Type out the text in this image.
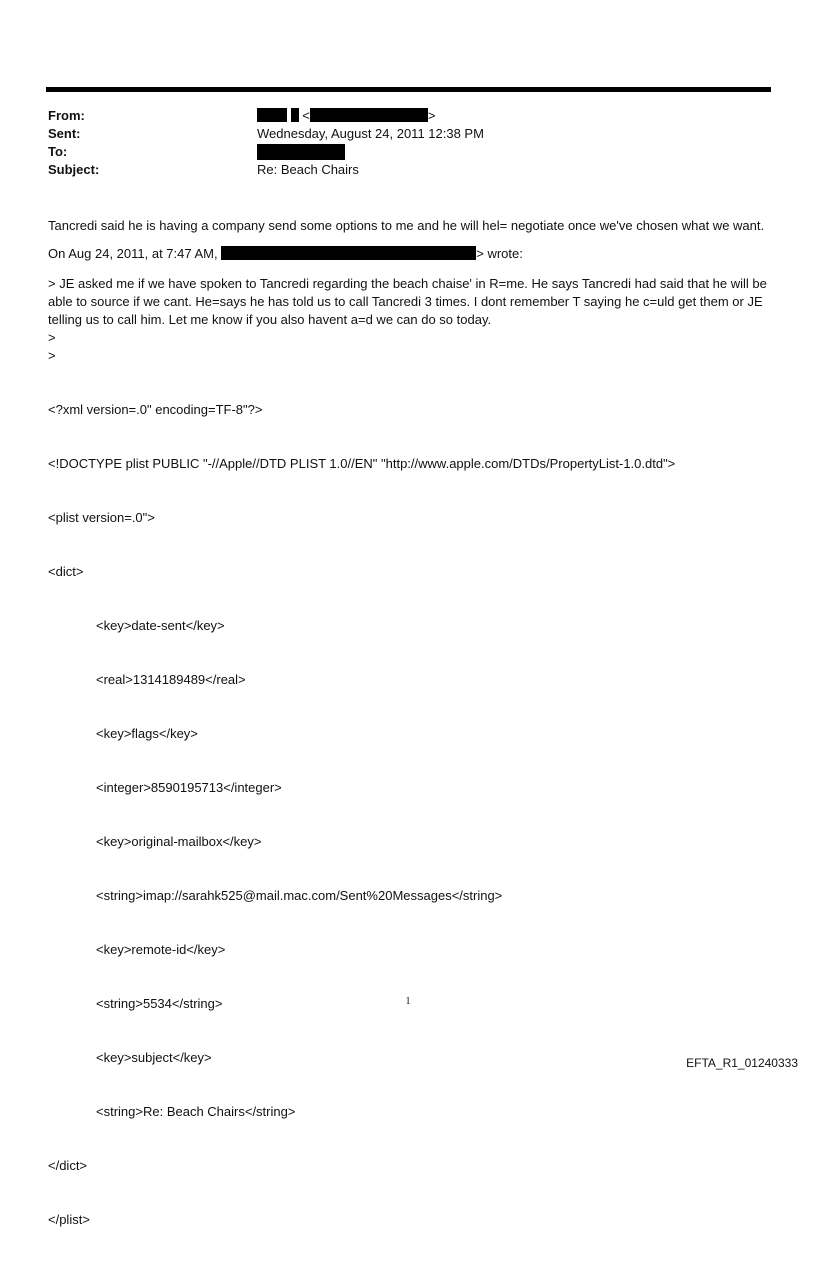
From:	<	>
Sent:	Wednesday, August 24, 2011 12:38 PM
To:
Subject:	Re: Beach Chairs

Tancredi said he is having a company send some options to me and he will hel= negotiate once we've chosen what we want.

On Aug 24, 2011, at 7:47 AM,	> wrote:

> JE asked me if we have spoken to Tancredi regarding the beach chaise' in R=me. He says Tancredi had said that he will be able to source if we cant. He=says he has told us to call Tancredi 3 times. I dont remember T saying he c=uld get them or JE telling us to call him. Let me know if you also havent a=d we can do so today.

>
>

<?xml version=.0" encoding=TF-8"?>

<!DOCTYPE plist PUBLIC "-//Apple//DTD PLIST 1.0//EN" "http://www.apple.com/DTDs/PropertyList-1.0.dtd">

<plist version=.0">

<dict>

<key>date-sent</key>

<real>1314189489</real>

<key>flags</key>

<integer>8590195713</integer>

<key>original-mailbox</key>

<string>imap://sarahk525@mail.mac.com/Sent%20Messages</string>

<key>remote-id</key>

<string>5534</string>

<key>subject</key>

<string>Re: Beach Chairs</string>

</dict>

</plist>

1
EFTA_R1_01240333
